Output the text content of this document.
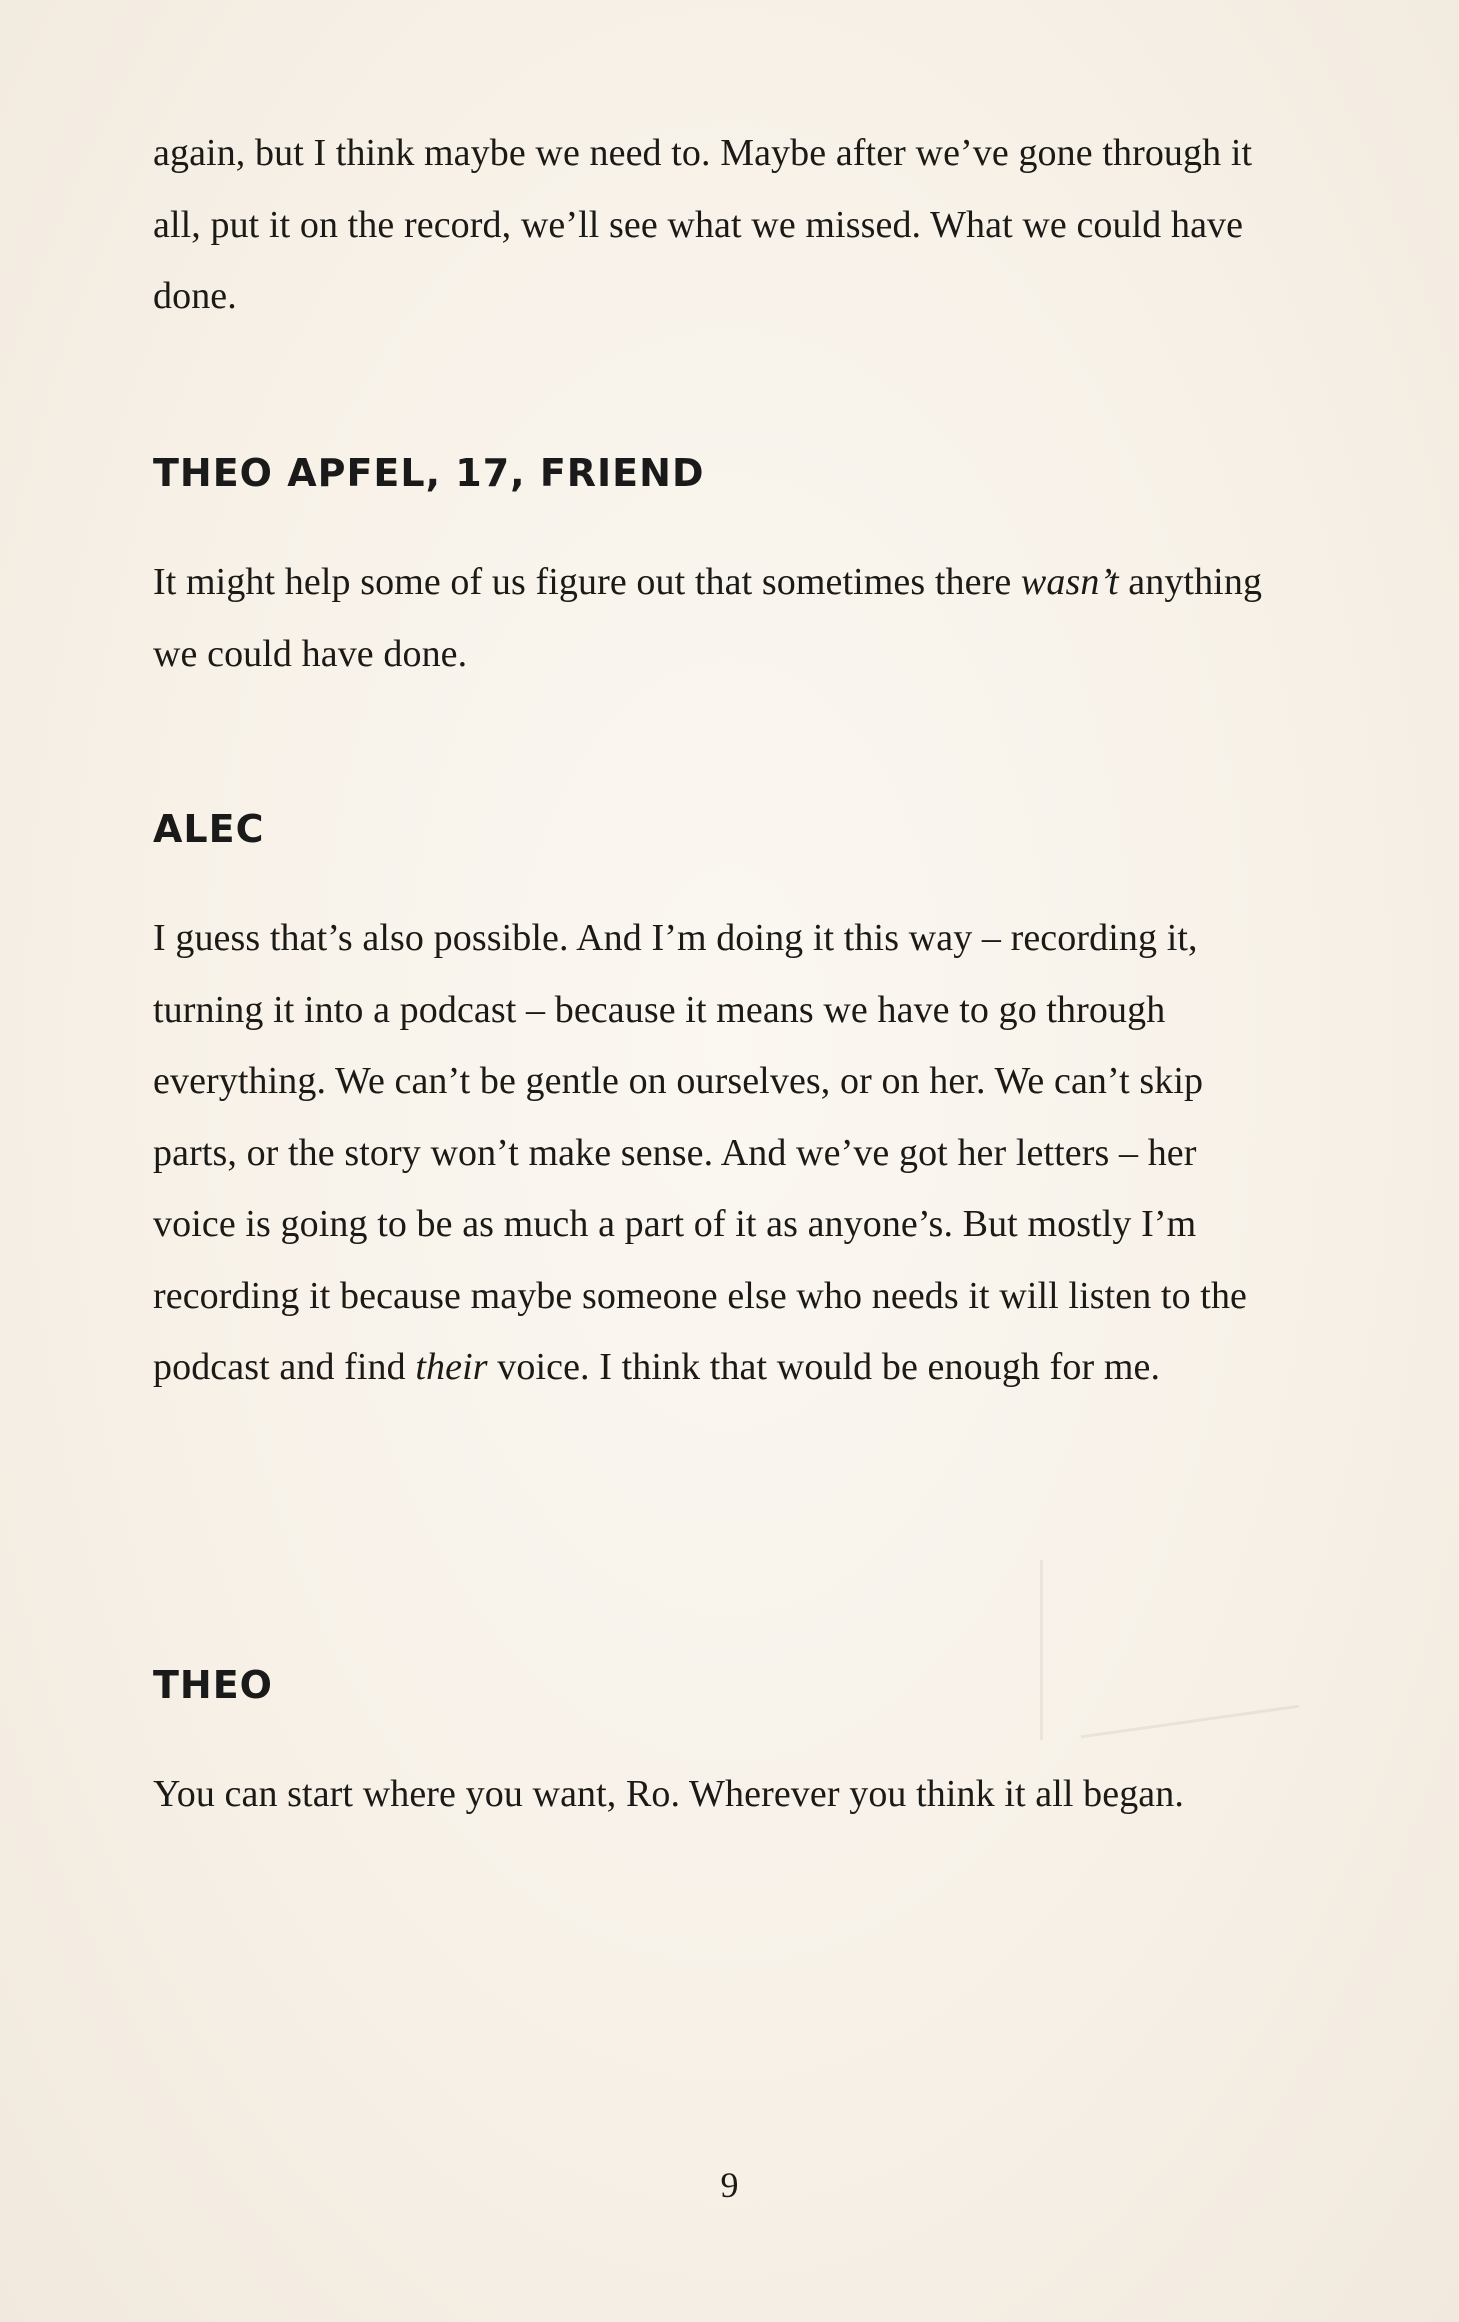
again, but I think maybe we need to. Maybe after we’ve gone through it all, put it on the record, we’ll see what we missed. What we could have done.

THEO APFEL, 17, FRIEND

It might help some of us figure out that sometimes there wasn’t anything we could have done.

ALEC

I guess that’s also possible. And I’m doing it this way – recording it, turning it into a podcast – because it means we have to go through everything. We can’t be gentle on ourselves, or on her. We can’t skip parts, or the story won’t make sense. And we’ve got her letters – her voice is going to be as much a part of it as anyone’s. But mostly I’m recording it because maybe someone else who needs it will listen to the podcast and find their voice. I think that would be enough for me.

THEO

You can start where you want, Ro. Wherever you think it all began.

9
